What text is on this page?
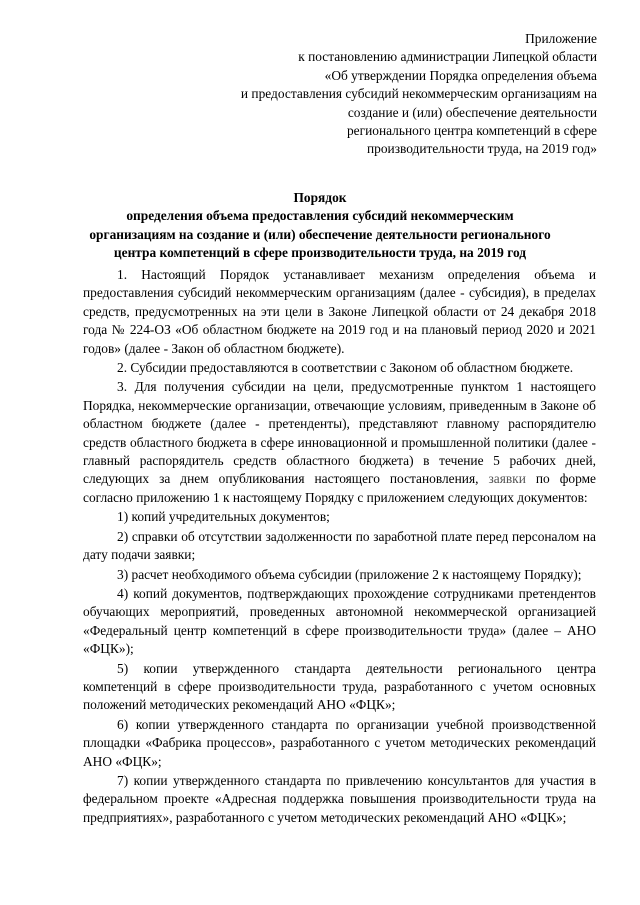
Приложение
к постановлению администрации Липецкой области
«Об утверждении Порядка определения объема
и предоставления субсидий некоммерческим организациям на
создание и (или) обеспечение деятельности
регионального центра компетенций в сфере
производительности труда, на 2019 год»
Порядок
определения объема предоставления субсидий некоммерческим
организациям на создание и (или) обеспечение деятельности регионального
центра компетенций в сфере производительности труда, на 2019 год

1. Настоящий Порядок устанавливает механизм определения объема и предоставления субсидий некоммерческим организациям (далее - субсидия), в пределах средств, предусмотренных на эти цели в Законе Липецкой области от 24 декабря 2018 года № 224-ОЗ «Об областном бюджете на 2019 год и на плановый период 2020 и 2021 годов» (далее - Закон об областном бюджете).

2. Субсидии предоставляются в соответствии с Законом об областном бюджете.

3. Для получения субсидии на цели, предусмотренные пунктом 1 настоящего Порядка, некоммерческие организации, отвечающие условиям, приведенным в Законе об областном бюджете (далее - претенденты), представляют главному распорядителю средств областного бюджета в сфере инновационной и промышленной политики (далее - главный распорядитель средств областного бюджета) в течение 5 рабочих дней, следующих за днем опубликования настоящего постановления, заявки по форме согласно приложению 1 к настоящему Порядку с приложением следующих документов:

1) копий учредительных документов;

2) справки об отсутствии задолженности по заработной плате перед персоналом на дату подачи заявки;

3) расчет необходимого объема субсидии (приложение 2 к настоящему Порядку);

4) копий документов, подтверждающих прохождение сотрудниками претендентов обучающих мероприятий, проведенных автономной некоммерческой организацией «Федеральный центр компетенций в сфере производительности труда» (далее – АНО «ФЦК»);

5) копии утвержденного стандарта деятельности регионального центра компетенций в сфере производительности труда, разработанного с учетом основных положений методических рекомендаций АНО «ФЦК»;

6) копии утвержденного стандарта по организации учебной производственной площадки «Фабрика процессов», разработанного с учетом методических рекомендаций АНО «ФЦК»;

7) копии утвержденного стандарта по привлечению консультантов для участия в федеральном проекте «Адресная поддержка повышения производительности труда на предприятиях», разработанного с учетом методических рекомендаций АНО «ФЦК»;
